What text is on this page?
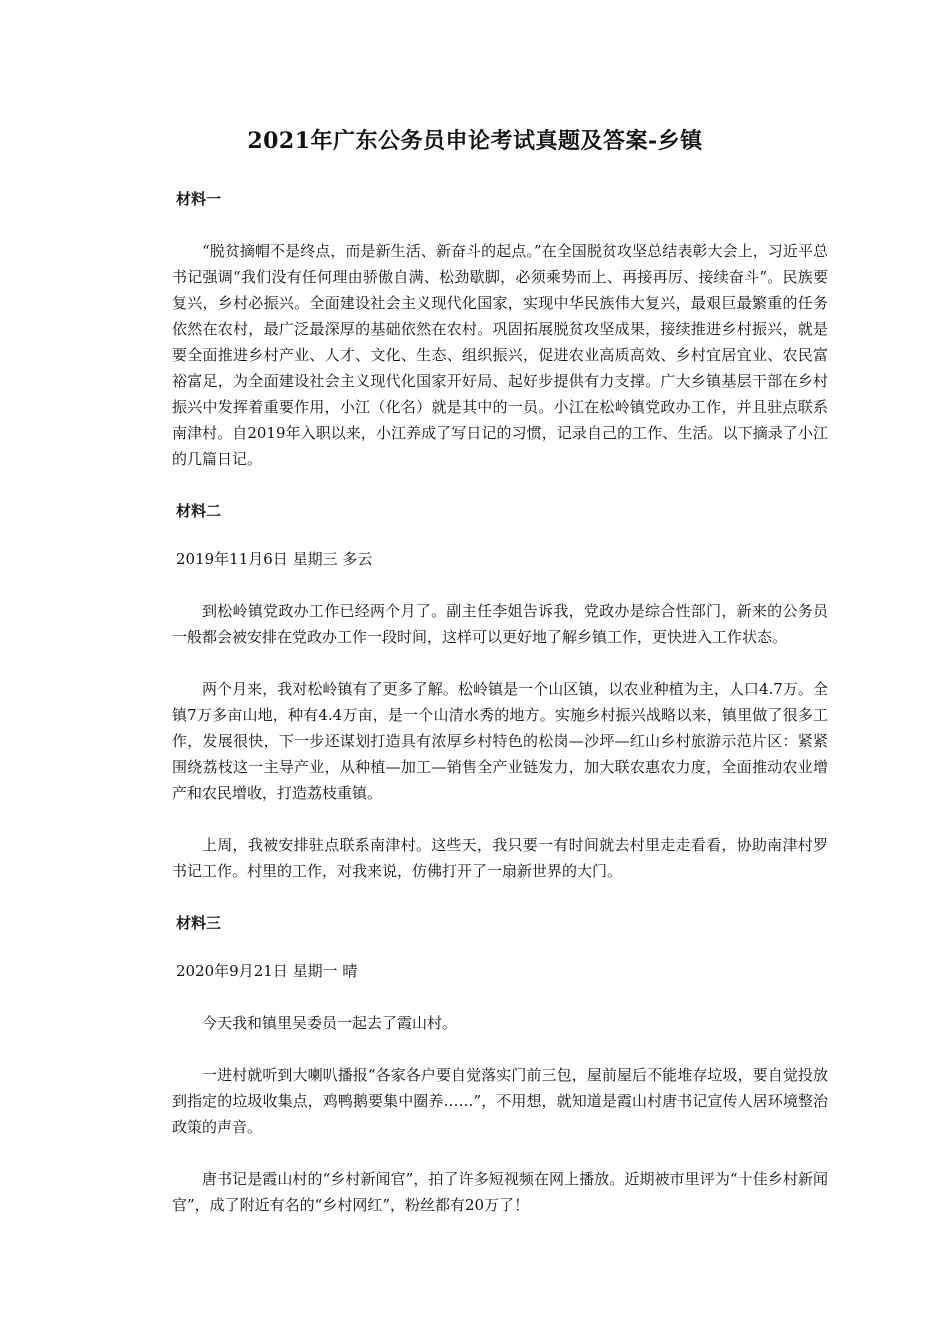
2021年广东公务员申论考试真题及答案-乡镇
材料一

“脱贫摘帽不是终点，而是新生活、新奋斗的起点。”在全国脱贫攻坚总结表彰大会上，习近平总书记强调“我们没有任何理由骄傲自满、松劲歇脚，必须乘势而上、再接再厉、接续奋斗”。民族要复兴，乡村必振兴。全面建设社会主义现代化国家，实现中华民族伟大复兴，最艰巨最繁重的任务依然在农村，最广泛最深厚的基础依然在农村。巩固拓展脱贫攻坚成果，接续推进乡村振兴，就是要全面推进乡村产业、人才、文化、生态、组织振兴，促进农业高质高效、乡村宜居宜业、农民富裕富足，为全面建设社会主义现代化国家开好局、起好步提供有力支撑。广大乡镇基层干部在乡村振兴中发挥着重要作用，小江（化名）就是其中的一员。小江在松岭镇党政办工作，并且驻点联系南津村。自2019年入职以来，小江养成了写日记的习惯，记录自己的工作、生活。以下摘录了小江的几篇日记。

材料二

2019年11月6日 星期三 多云

到松岭镇党政办工作已经两个月了。副主任李姐告诉我，党政办是综合性部门，新来的公务员一般都会被安排在党政办工作一段时间，这样可以更好地了解乡镇工作，更快进入工作状态。

两个月来，我对松岭镇有了更多了解。松岭镇是一个山区镇，以农业种植为主，人口4.7万。全镇7万多亩山地，种有4.4万亩，是一个山清水秀的地方。实施乡村振兴战略以来，镇里做了很多工作，发展很快，下一步还谋划打造具有浓厚乡村特色的松岗—沙坪—红山乡村旅游示范片区：紧紧围绕荔枝这一主导产业，从种植—加工—销售全产业链发力，加大联农惠农力度，全面推动农业增产和农民增收，打造荔枝重镇。

上周，我被安排驻点联系南津村。这些天，我只要一有时间就去村里走走看看，协助南津村罗书记工作。村里的工作，对我来说，仿佛打开了一扇新世界的大门。

材料三

2020年9月21日 星期一 晴

今天我和镇里吴委员一起去了霞山村。

一进村就听到大喇叭播报“各家各户要自觉落实门前三包，屋前屋后不能堆存垃圾，要自觉投放到指定的垃圾收集点，鸡鸭鹅要集中圈养……”，不用想，就知道是霞山村唐书记宣传人居环境整治政策的声音。

唐书记是霞山村的“乡村新闻官”，拍了许多短视频在网上播放。近期被市里评为“十佳乡村新闻官”，成了附近有名的“乡村网红”，粉丝都有20万了！
